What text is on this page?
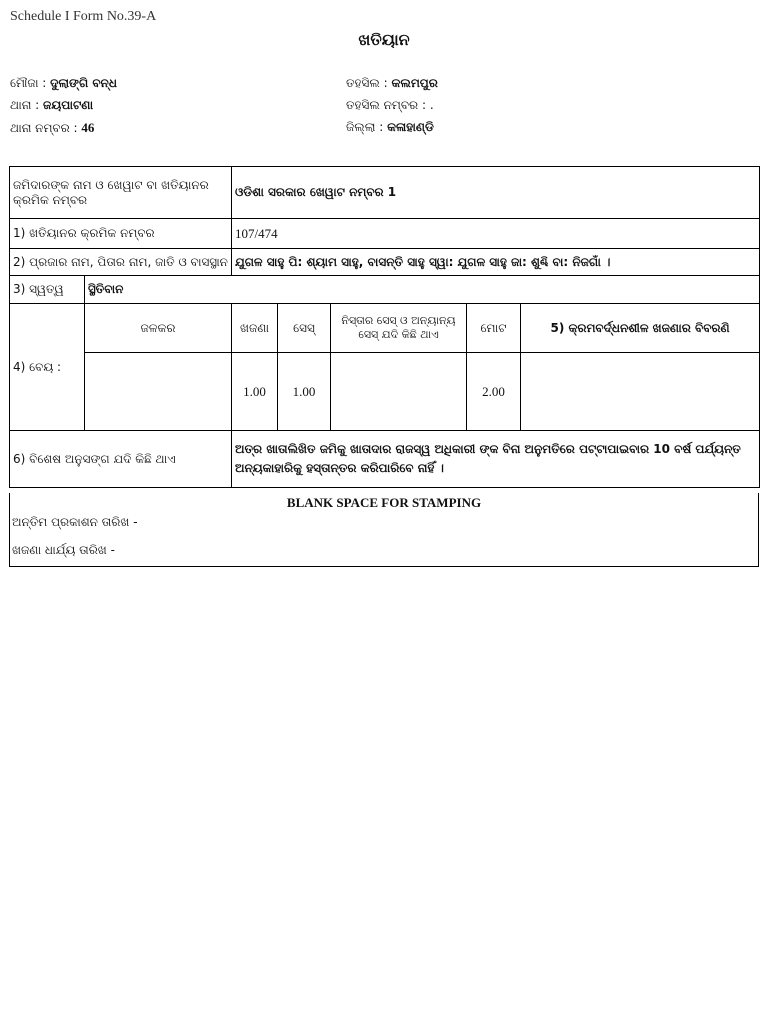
Schedule I Form No.39-A
ଖତିୟାନ
ମୌଜା : ଦୁଲାଙ୍ଗି ବନ୍ଧ
ଥାନା : ଜୟପାଟଣା
ଥାନା ନମ୍ବର : 46
ତହସିଲ : କଲମପୁର
ତହସିଲ ନମ୍ବର : .
ଜିଲ୍ଲା : କଳାହାଣ୍ଡି
ଜମିଦାରଙ୍କ ନାମ ଓ ଖେୱାଟ ବା ଖତିୟାନର କ୍ରମିକ ନମ୍ବର		ଓଡିଶା ସରକାର ଖେୱାଟ ନମ୍ବର 1				
1) ଖତିୟାନର କ୍ରମିକ ନମ୍ବର		107/474				
2) ପ୍ରଜାର ନାମ, ପିତାର ନାମ, ଜାତି ଓ ବାସସ୍ଥାନ		ଯୁଗଳ ସାହୁ ପି: ଶ୍ୟାମ ସାହୁ, ବାସନ୍ତି ସାହୁ ସ୍ୱା: ଯୁଗଳ ସାହୁ ଜା: ଶୁଣ୍ଢି ବା: ନିଜଗାଁ ।				
3) ସ୍ୱତ୍ୱ	ସ୍ଥିତିବାନ					
4) ବେୟ :	ଜଳକର	ଖଜଣା	ସେସ୍	ନିସ୍ତାର ସେସ୍ ଓ ଅନ୍ୟାନ୍ୟ ସେସ୍ ଯଦି କିଛି ଥାଏ	ମୋଟ	5) କ୍ରମବର୍ଦ୍ଧନଶୀଳ ଖଜଣାର ବିବରଣି
		1.00	1.00		2.00	
6) ବିଶେଷ ଅନୁସଙ୍ଗ ଯଦି କିଛି ଥାଏ		ଅତ୍ର ଖାତାଲିଖିତ ଜମିକୁ ଖାତାଦାର ରାଜସ୍ୱ ଅଧିକାରୀ ଙ୍କ ବିନା ଅନୁମତିରେ ପଟ୍ଟାପାଇବାର 10 ବର୍ଷ ପର୍ଯ୍ୟନ୍ତ ଅନ୍ୟକାହାରିକୁ ହସ୍ତାନ୍ତର କରିପାରିବେ ନାହିଁ ।				
BLANK SPACE FOR STAMPING
ଅନ୍ତିମ ପ୍ରକାଶନ ତାରିଖ -
ଖଜଣା ଧାର୍ଯ୍ୟ ତାରିଖ -
